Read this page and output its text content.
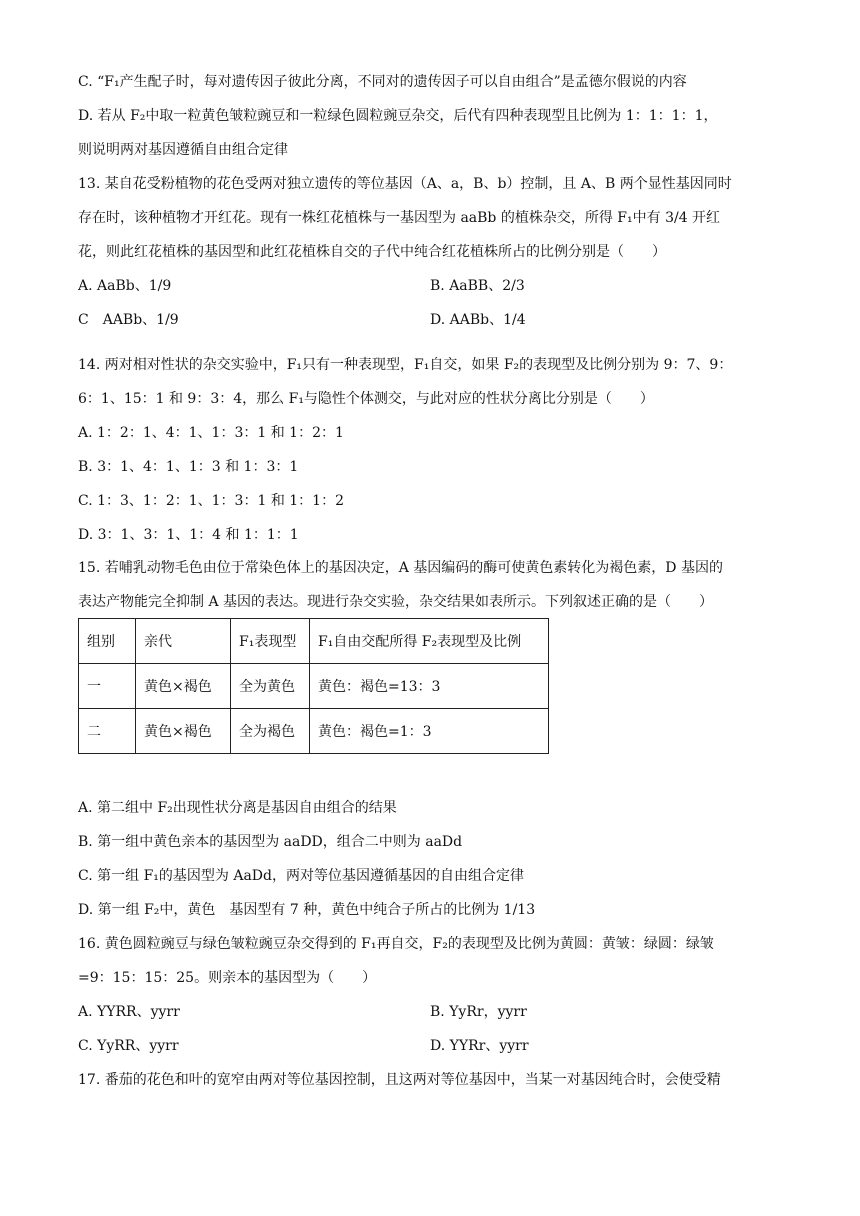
C. “F₁产生配子时，每对遗传因子彼此分离，不同对的遗传因子可以自由组合”是孟德尔假说的内容
D. 若从 F₂中取一粒黄色皱粒豌豆和一粒绿色圆粒豌豆杂交，后代有四种表现型且比例为 1：1：1：1，
则说明两对基因遵循自由组合定律
13. 某自花受粉植物的花色受两对独立遗传的等位基因（A、a，B、b）控制，且 A、B 两个显性基因同时
存在时，该种植物才开红花。现有一株红花植株与一基因型为 aaBb 的植株杂交，所得 F₁中有 3/4 开红
花，则此红花植株的基因型和此红花植株自交的子代中纯合红花植株所占的比例分别是（　　）
A. AaBb、1/9	B. AaBB、2/3
C　AABb、1/9	D. AABb、1/4
14. 两对相对性状的杂交实验中，F₁只有一种表现型，F₁自交，如果 F₂的表现型及比例分别为 9：7、9：
6：1、15：1 和 9：3：4，那么 F₁与隐性个体测交，与此对应的性状分离比分别是（　　）
A. 1：2：1、4：1、1：3：1 和 1：2：1
B. 3：1、4：1、1：3 和 1：3：1
C. 1：3、1：2：1、1：3：1 和 1：1：2
D. 3：1、3：1、1：4 和 1：1：1
15. 若哺乳动物毛色由位于常染色体上的基因决定，A 基因编码的酶可使黄色素转化为褐色素，D 基因的
表达产物能完全抑制 A 基因的表达。现进行杂交实验，杂交结果如表所示。下列叙述正确的是（　　）
组别	亲代	F₁表现型	F₁自由交配所得 F₂表现型及比例
一	黄色×褐色	全为黄色	黄色：褐色=13：3
二	黄色×褐色	全为褐色	黄色：褐色=1：3
A. 第二组中 F₂出现性状分离是基因自由组合的结果
B. 第一组中黄色亲本的基因型为 aaDD，组合二中则为 aaDd
C. 第一组 F₁的基因型为 AaDd，两对等位基因遵循基因的自由组合定律
D. 第一组 F₂中，黄色　基因型有 7 种，黄色中纯合子所占的比例为 1/13
16. 黄色圆粒豌豆与绿色皱粒豌豆杂交得到的 F₁再自交，F₂的表现型及比例为黄圆：黄皱：绿圆：绿皱
=9：15：15：25。则亲本的基因型为（　　）
A. YYRR、yyrr	B. YyRr，yyrr
C. YyRR、yyrr	D. YYRr、yyrr
17. 番茄的花色和叶的宽窄由两对等位基因控制，且这两对等位基因中，当某一对基因纯合时，会使受精
